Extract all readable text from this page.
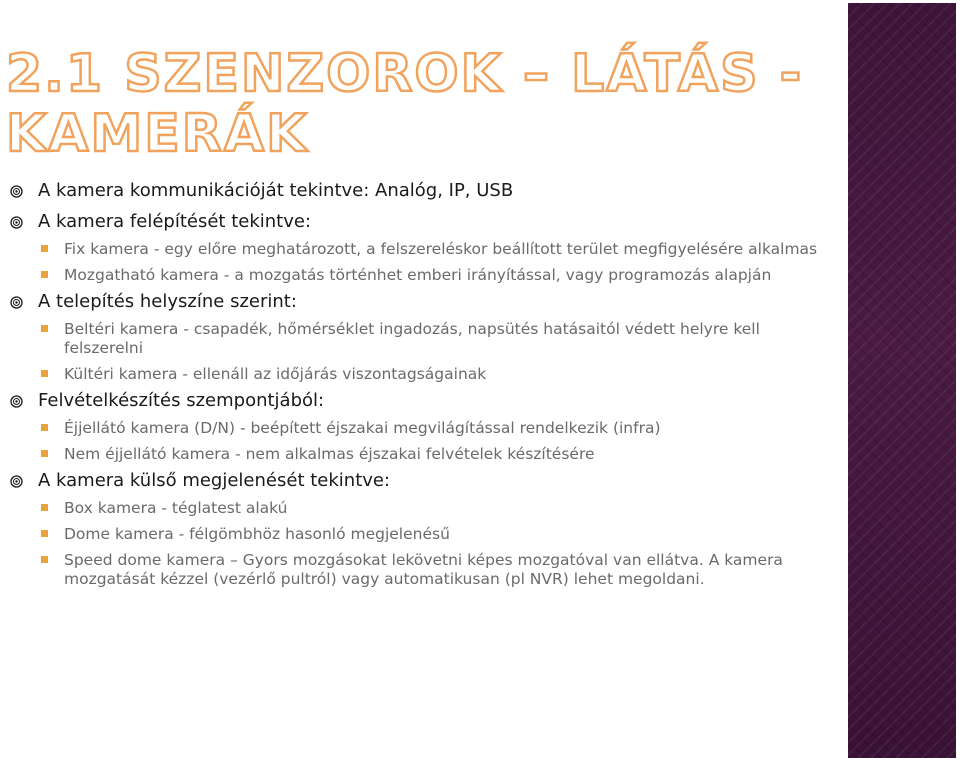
2.1 SZENZOROK – LÁTÁS - KAMERÁK
A kamera kommunikációját tekintve: Analóg, IP, USB
A kamera felépítését tekintve:
Fix kamera - egy előre meghatározott, a felszereléskor beállított terület megfigyelésére alkalmas
Mozgatható kamera - a mozgatás történhet emberi irányítással, vagy programozás alapján
A telepítés helyszíne szerint:
Beltéri kamera - csapadék, hőmérséklet ingadozás, napsütés hatásaitól védett helyre kell felszerelni
Kültéri kamera - ellenáll az időjárás viszontagságainak
Felvételkészítés szempontjából:
Éjjellátó kamera (D/N) - beépített éjszakai megvilágítással rendelkezik (infra)
Nem éjjellátó kamera - nem alkalmas éjszakai felvételek készítésére
A kamera külső megjelenését tekintve:
Box kamera - téglatest alakú
Dome kamera - félgömbhöz hasonló megjelenésű
Speed dome kamera – Gyors mozgásokat lekövetni képes mozgatóval van ellátva. A kamera mozgatását kézzel (vezérlő pultról) vagy automatikusan (pl NVR) lehet megoldani.
